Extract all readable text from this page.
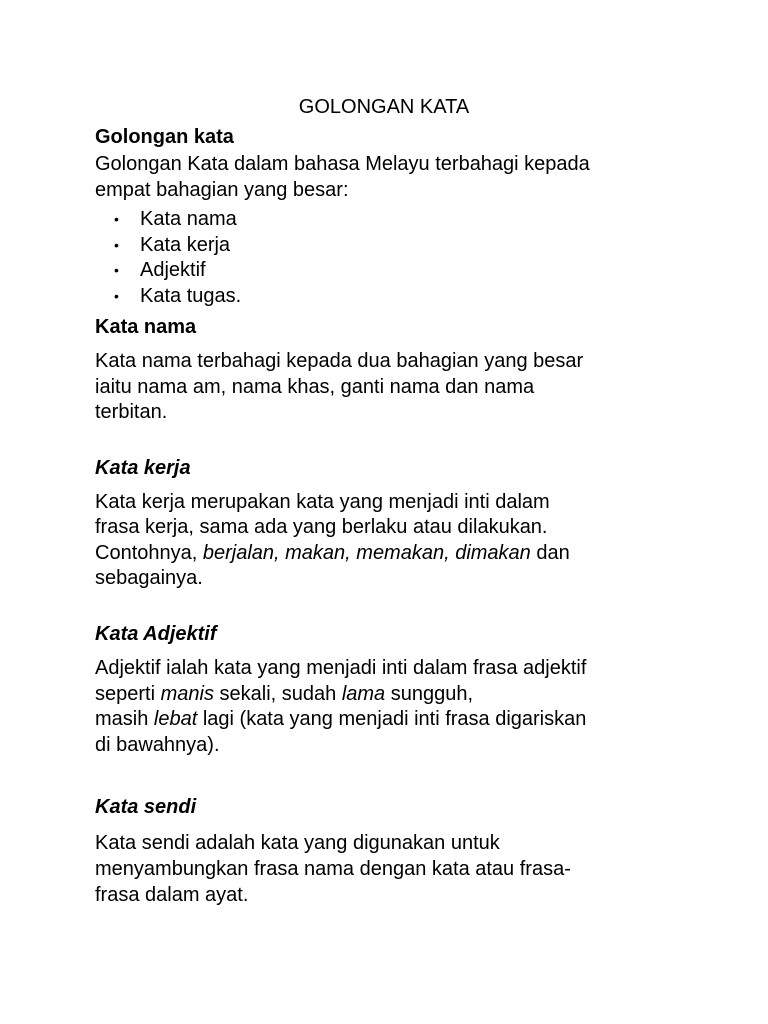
GOLONGAN KATA
Golongan kata
Golongan Kata dalam bahasa Melayu terbahagi kepada
empat bahagian yang besar:
• Kata nama
• Kata kerja
• Adjektif
• Kata tugas.
Kata nama
Kata nama terbahagi kepada dua bahagian yang besar
iaitu nama am, nama khas, ganti nama dan nama
terbitan.
Kata kerja
Kata kerja merupakan kata yang menjadi inti dalam
frasa kerja, sama ada yang berlaku atau dilakukan.
Contohnya, berjalan, makan, memakan, dimakan dan
sebagainya.
Kata Adjektif
Adjektif ialah kata yang menjadi inti dalam frasa adjektif
seperti manis sekali, sudah lama sungguh,
masih lebat lagi (kata yang menjadi inti frasa digariskan
di bawahnya).
Kata sendi
Kata sendi adalah kata yang digunakan untuk
menyambungkan frasa nama dengan kata atau frasa-
frasa dalam ayat.
